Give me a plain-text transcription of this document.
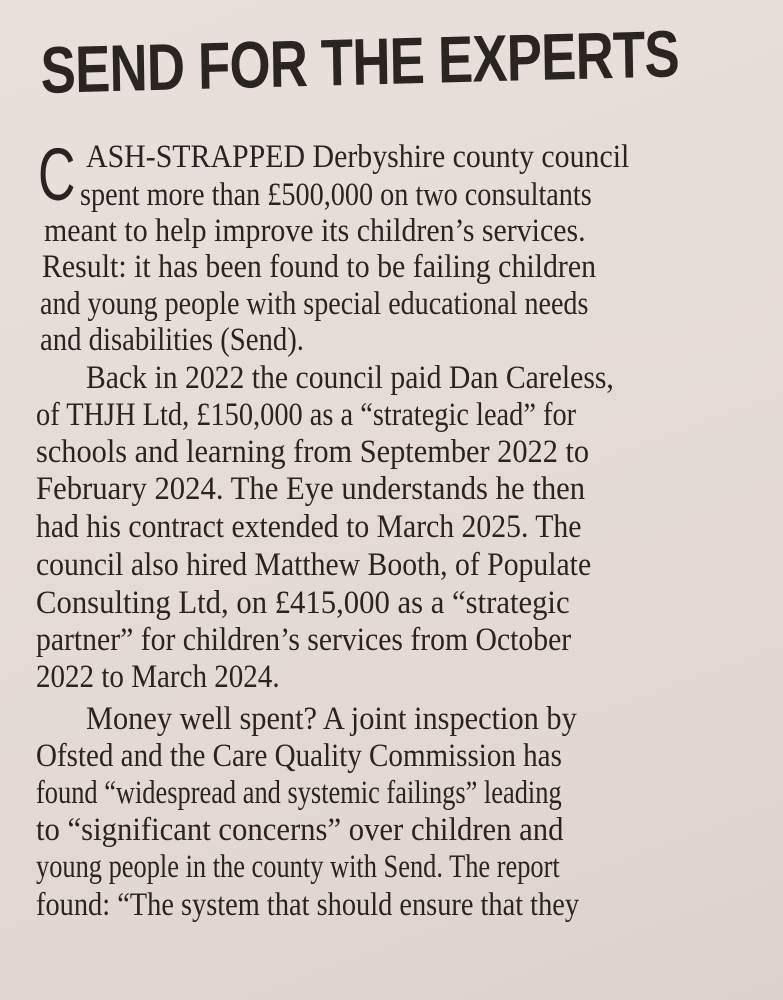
SEND FOR THE EXPERTS
C ASH-STRAPPED Derbyshire county council
spent more than £500,000 on two consultants
meant to help improve its children’s services.
Result: it has been found to be failing children
and young people with special educational needs
and disabilities (Send).
Back in 2022 the council paid Dan Careless,
of THJH Ltd, £150,000 as a “strategic lead” for
schools and learning from September 2022 to
February 2024. The Eye understands he then
had his contract extended to March 2025. The
council also hired Matthew Booth, of Populate
Consulting Ltd, on £415,000 as a “strategic
partner” for children’s services from October
2022 to March 2024.
Money well spent? A joint inspection by
Ofsted and the Care Quality Commission has
found “widespread and systemic failings” leading
to “significant concerns” over children and
young people in the county with Send. The report
found: “The system that should ensure that they
